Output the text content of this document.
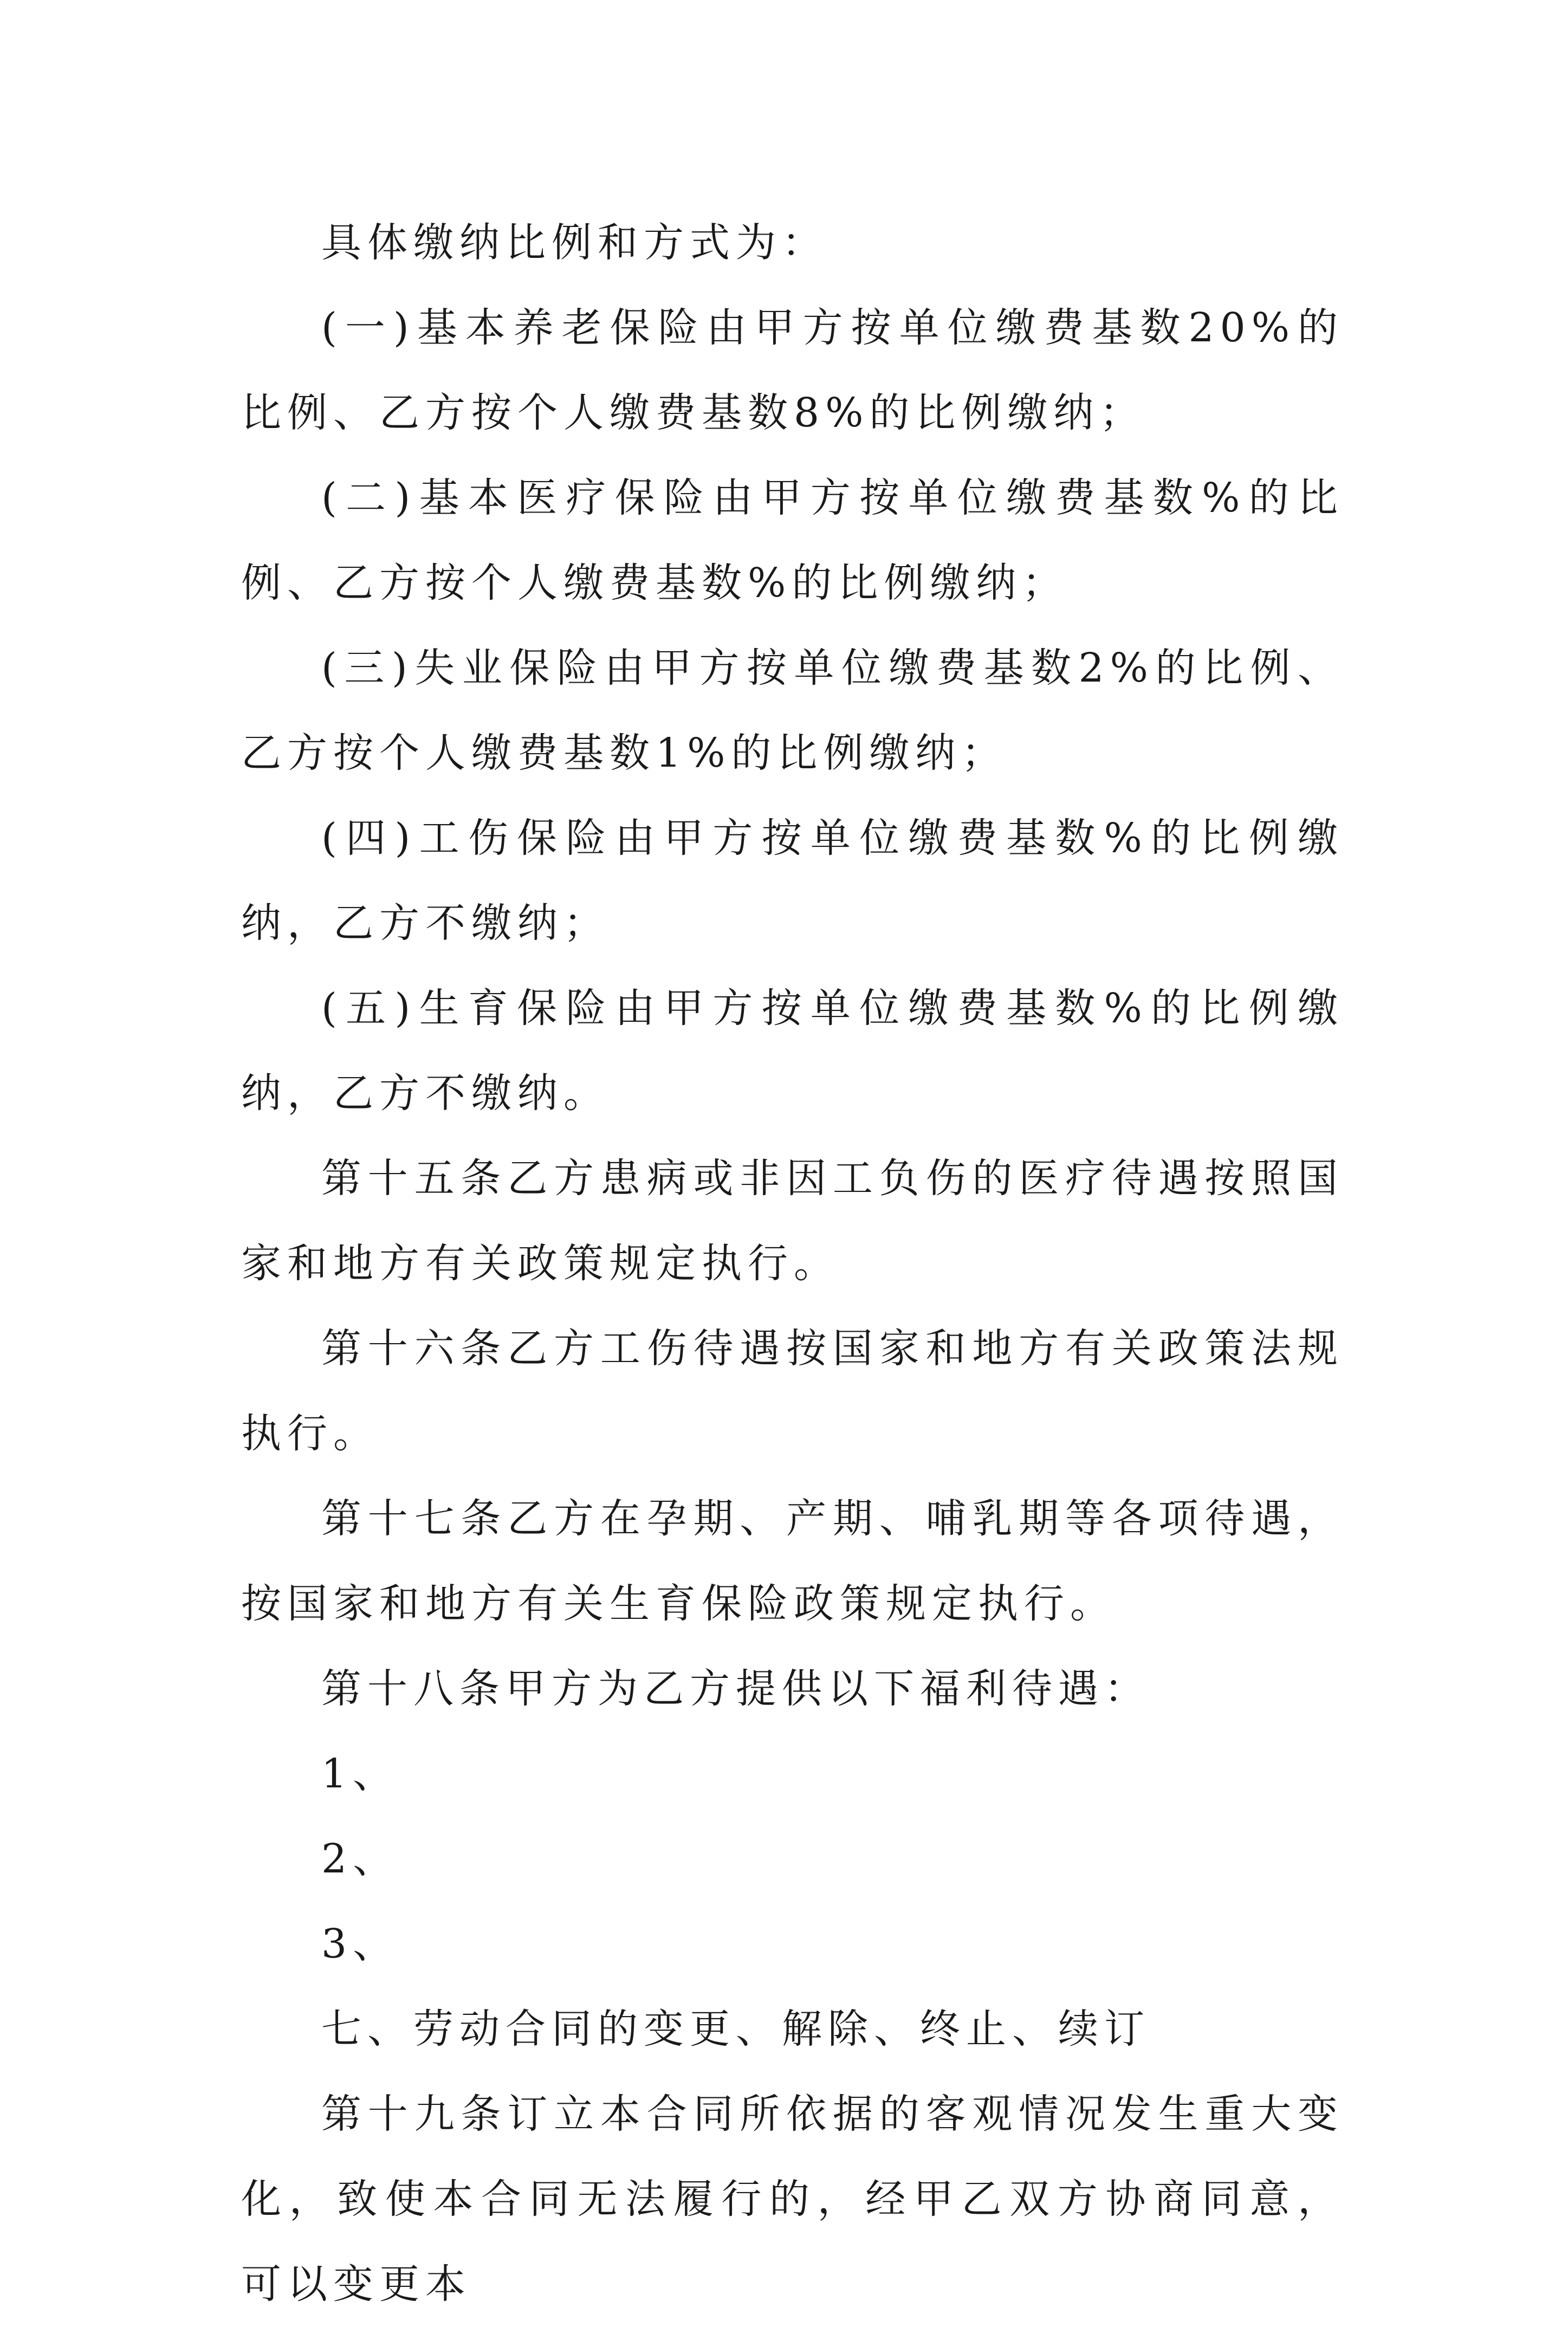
具体缴纳比例和方式为：

(一)基本养老保险由甲方按单位缴费基数20%的比例、乙方按个人缴费基数8%的比例缴纳；

(二)基本医疗保险由甲方按单位缴费基数%的比例、乙方按个人缴费基数%的比例缴纳；

(三)失业保险由甲方按单位缴费基数2%的比例、乙方按个人缴费基数1%的比例缴纳；

(四)工伤保险由甲方按单位缴费基数%的比例缴纳，乙方不缴纳；

(五)生育保险由甲方按单位缴费基数%的比例缴纳，乙方不缴纳。

第十五条乙方患病或非因工负伤的医疗待遇按照国家和地方有关政策规定执行。

第十六条乙方工伤待遇按国家和地方有关政策法规执行。

第十七条乙方在孕期、产期、哺乳期等各项待遇，按国家和地方有关生育保险政策规定执行。

第十八条甲方为乙方提供以下福利待遇：

1、

2、

3、

七、劳动合同的变更、解除、终止、续订

第十九条订立本合同所依据的客观情况发生重大变化，致使本合同无法履行的，经甲乙双方协商同意，可以变更本
